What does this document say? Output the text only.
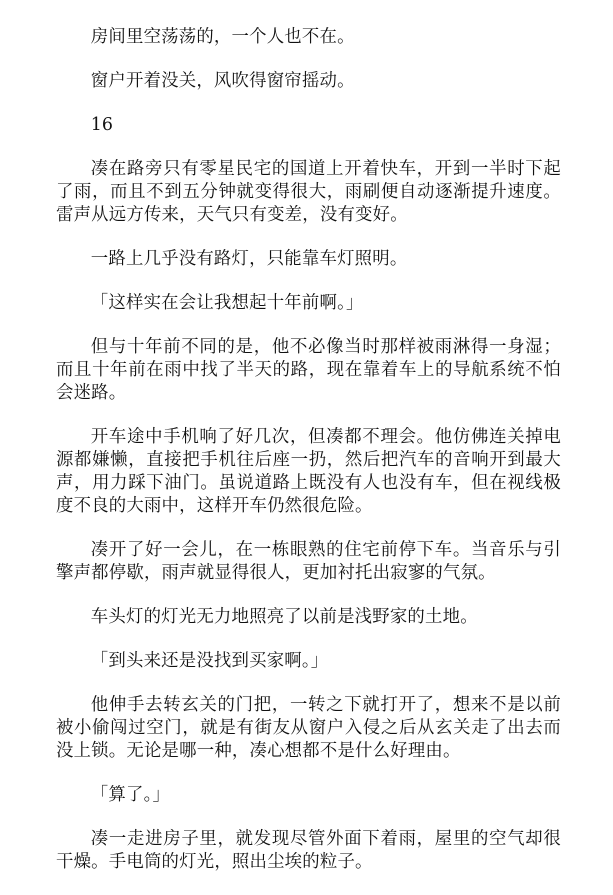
房间里空荡荡的，一个人也不在。

窗户开着没关，风吹得窗帘摇动。

16

凑在路旁只有零星民宅的国道上开着快车，开到一半时下起了雨，而且不到五分钟就变得很大，雨刷便自动逐渐提升速度。雷声从远方传来，天气只有变差，没有变好。

一路上几乎没有路灯，只能靠车灯照明。

「这样实在会让我想起十年前啊。」

但与十年前不同的是，他不必像当时那样被雨淋得一身湿；而且十年前在雨中找了半天的路，现在靠着车上的导航系统不怕会迷路。

开车途中手机响了好几次，但凑都不理会。他仿佛连关掉电源都嫌懒，直接把手机往后座一扔，然后把汽车的音响开到最大声，用力踩下油门。虽说道路上既没有人也没有车，但在视线极度不良的大雨中，这样开车仍然很危险。

凑开了好一会儿，在一栋眼熟的住宅前停下车。当音乐与引擎声都停歇，雨声就显得很人，更加衬托出寂寥的气氛。

车头灯的灯光无力地照亮了以前是浅野家的土地。

「到头来还是没找到买家啊。」

他伸手去转玄关的门把，一转之下就打开了，想来不是以前被小偷闯过空门，就是有街友从窗户入侵之后从玄关走了出去而没上锁。无论是哪一种，凑心想都不是什么好理由。

「算了。」

凑一走进房子里，就发现尽管外面下着雨，屋里的空气却很干燥。手电筒的灯光，照出尘埃的粒子。
